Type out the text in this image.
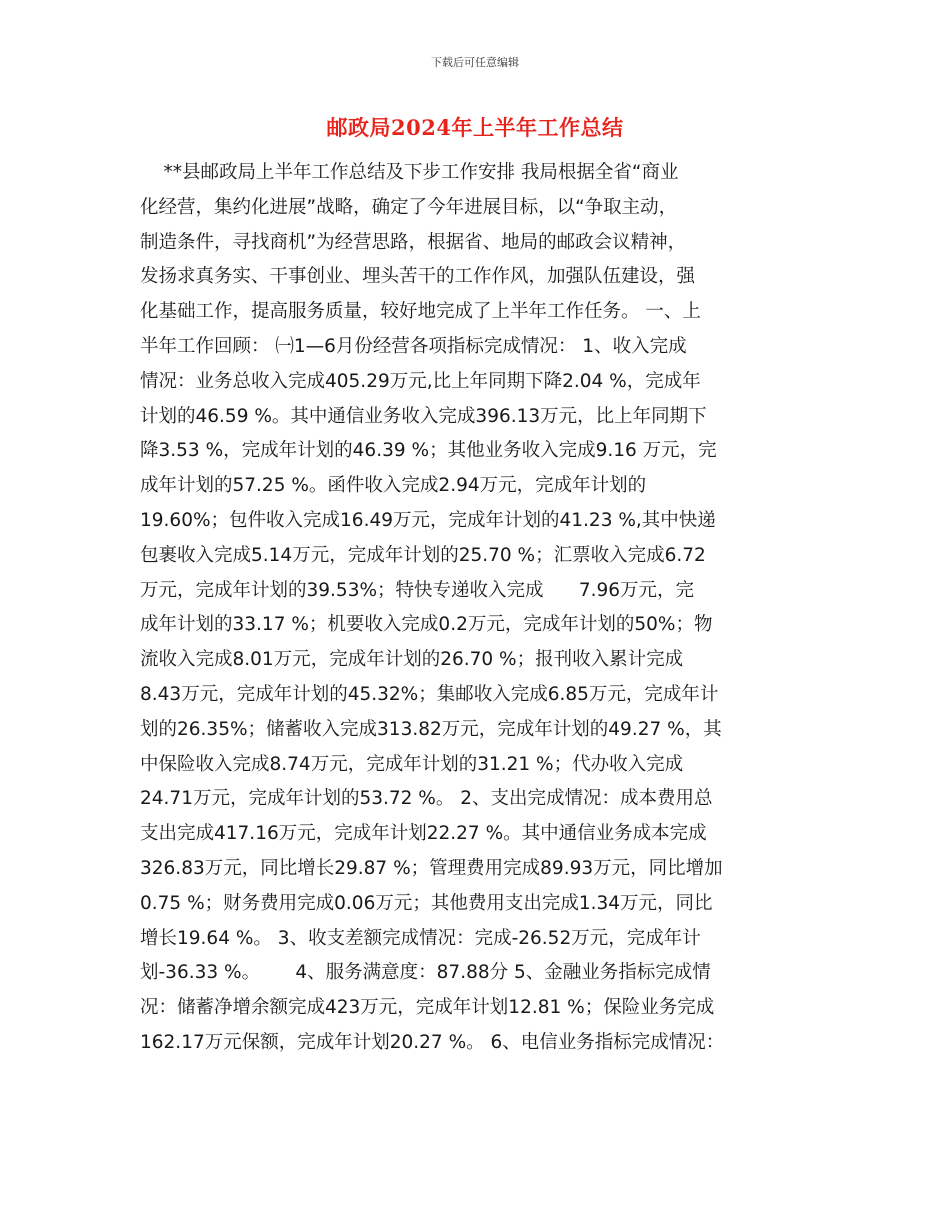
下载后可任意编辑
邮政局2024年上半年工作总结
**县邮政局上半年工作总结及下步工作安排 我局根据全省“商业
化经营，集约化进展”战略，确定了今年进展目标，以“争取主动，
制造条件，寻找商机”为经营思路，根据省、地局的邮政会议精神，
发扬求真务实、干事创业、埋头苦干的工作作风，加强队伍建设，强
化基础工作，提高服务质量，较好地完成了上半年工作任务。 一、上
半年工作回顾： ㈠1—6月份经营各项指标完成情况： 1、收入完成
情况：业务总收入完成405.29万元,比上年同期下降2.04 %，完成年
计划的46.59 %。其中通信业务收入完成396.13万元，比上年同期下
降3.53 %，完成年计划的46.39 %；其他业务收入完成9.16 万元，完
成年计划的57.25 %。函件收入完成2.94万元，完成年计划的
19.60%；包件收入完成16.49万元，完成年计划的41.23 %,其中快递
包裹收入完成5.14万元，完成年计划的25.70 %；汇票收入完成6.72
万元，完成年计划的39.53%；特快专递收入完成      7.96万元，完
成年计划的33.17 %；机要收入完成0.2万元，完成年计划的50%；物
流收入完成8.01万元，完成年计划的26.70 %；报刊收入累计完成
8.43万元，完成年计划的45.32%；集邮收入完成6.85万元，完成年计
划的26.35%；储蓄收入完成313.82万元，完成年计划的49.27 %，其
中保险收入完成8.74万元，完成年计划的31.21 %；代办收入完成
24.71万元，完成年计划的53.72 %。 2、支出完成情况：成本费用总
支出完成417.16万元，完成年计划22.27 %。其中通信业务成本完成
326.83万元，同比增长29.87 %；管理费用完成89.93万元，同比增加
0.75 %；财务费用完成0.06万元；其他费用支出完成1.34万元，同比
增长19.64 %。 3、收支差额完成情况：完成-26.52万元，完成年计
划-36.33 %。      4、服务满意度：87.88分 5、金融业务指标完成情
况：储蓄净增余额完成423万元，完成年计划12.81 %；保险业务完成
162.17万元保额，完成年计划20.27 %。 6、电信业务指标完成情况：
